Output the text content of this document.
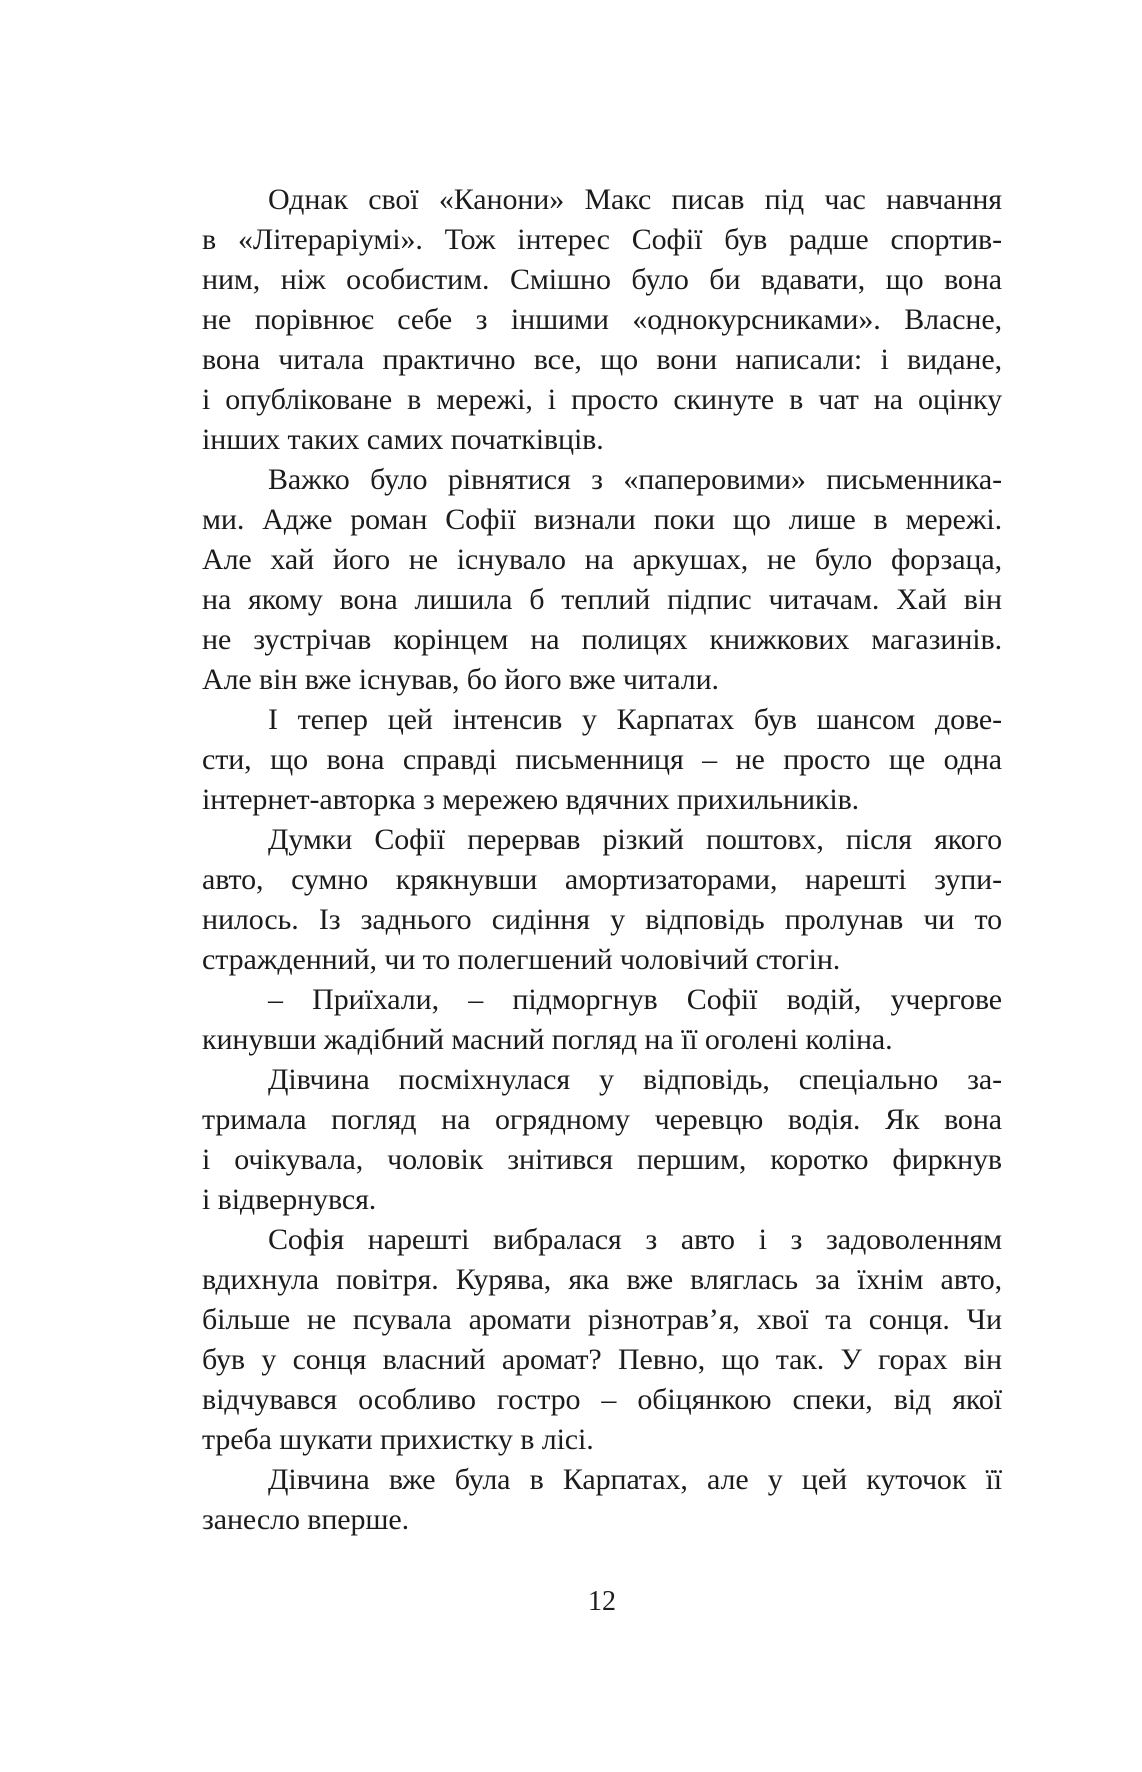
Однак свої «Канони» Макс писав під час навчання
в «Літераріумі». Тож інтерес Софії був радше спортив-
ним, ніж особистим. Смішно було би вдавати, що вона
не порівнює себе з іншими «однокурсниками». Власне,
вона читала практично все, що вони написали: і видане,
і опубліковане в мережі, і просто скинуте в чат на оцінку
інших таких самих початківців.
Важко було рівнятися з «паперовими» письменника-
ми. Адже роман Софії визнали поки що лише в мережі.
Але хай його не існувало на аркушах, не було форзаца,
на якому вона лишила б теплий підпис читачам. Хай він
не зустрічав корінцем на полицях книжкових магазинів.
Але він вже існував, бо його вже читали.
І тепер цей інтенсив у Карпатах був шансом дове-
сти, що вона справді письменниця – не просто ще одна
інтернет-авторка з мережею вдячних прихильників.
Думки Софії перервав різкий поштовх, після якого
авто, сумно крякнувши амортизаторами, нарешті зупи-
нилось. Із заднього сидіння у відповідь пролунав чи то
стражденний, чи то полегшений чоловічий стогін.
– Приїхали, – підморгнув Софії водій, учергове
кинувши жадібний масний погляд на її оголені коліна.
Дівчина посміхнулася у відповідь, спеціально за-
тримала погляд на огрядному черевцю водія. Як вона
і очікувала, чоловік знітився першим, коротко фиркнув
і відвернувся.
Софія нарешті вибралася з авто і з задоволенням
вдихнула повітря. Курява, яка вже вляглась за їхнім авто,
більше не псувала аромати різнотрав’я, хвої та сонця. Чи
був у сонця власний аромат? Певно, що так. У горах він
відчувався особливо гостро – обіцянкою спеки, від якої
треба шукати прихистку в лісі.
Дівчина вже була в Карпатах, але у цей куточок її
занесло вперше.
12
